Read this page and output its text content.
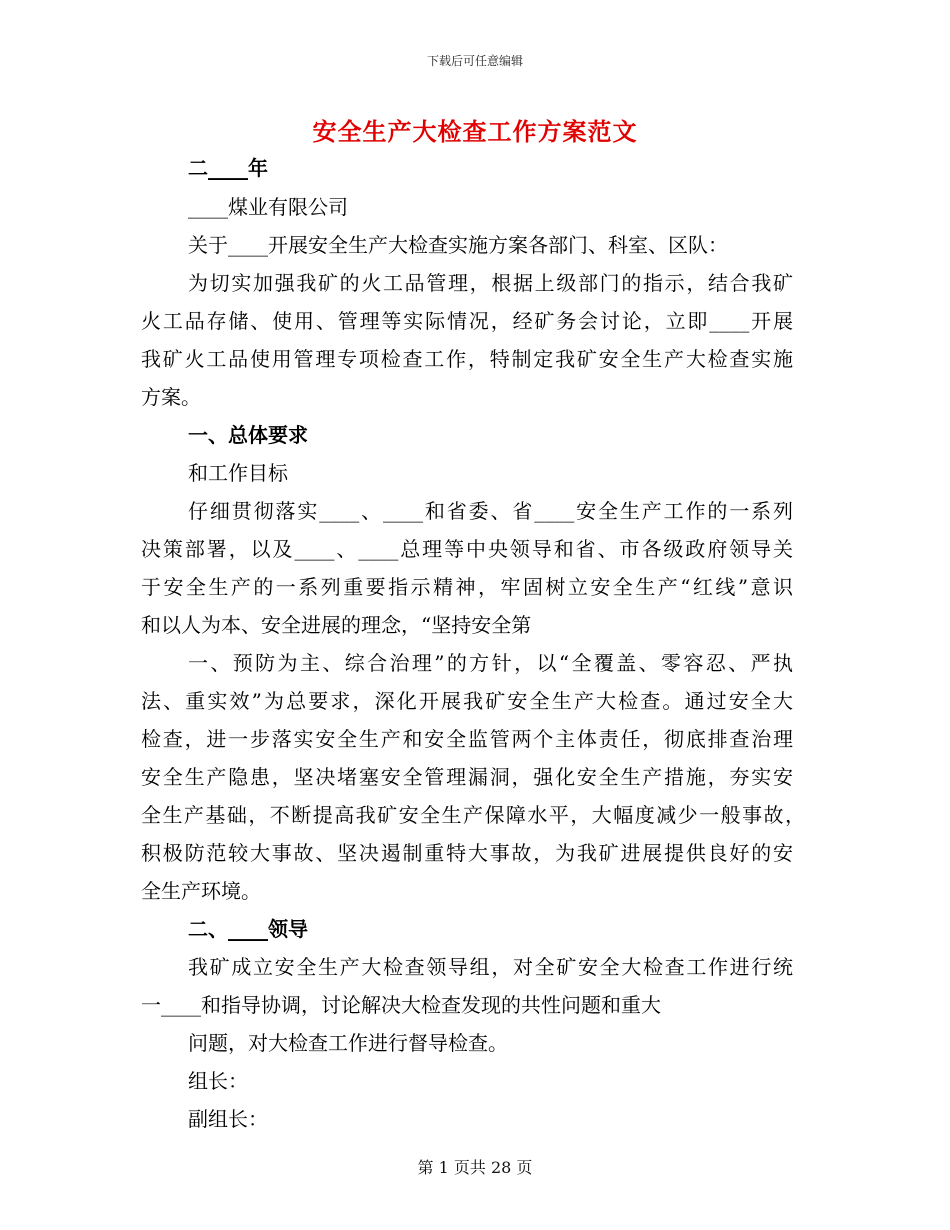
下载后可任意编辑
安全生产大检查工作方案范文
二____年
____煤业有限公司
关于____开展安全生产大检查实施方案各部门、科室、区队：
为切实加强我矿的火工品管理，根据上级部门的指示，结合我矿
火工品存储、使用、管理等实际情况，经矿务会讨论，立即____开展
我矿火工品使用管理专项检查工作，特制定我矿安全生产大检查实施
方案。
一、总体要求
和工作目标
仔细贯彻落实____、____和省委、省____安全生产工作的一系列
决策部署，以及____、____总理等中央领导和省、市各级政府领导关
于安全生产的一系列重要指示精神，牢固树立安全生产“红线”意识
和以人为本、安全进展的理念，“坚持安全第
一、预防为主、综合治理”的方针，以“全覆盖、零容忍、严执
法、重实效”为总要求，深化开展我矿安全生产大检查。通过安全大
检查，进一步落实安全生产和安全监管两个主体责任，彻底排查治理
安全生产隐患，坚决堵塞安全管理漏洞，强化安全生产措施，夯实安
全生产基础，不断提高我矿安全生产保障水平，大幅度减少一般事故，
积极防范较大事故、坚决遏制重特大事故，为我矿进展提供良好的安
全生产环境。
二、____领导
我矿成立安全生产大检查领导组，对全矿安全大检查工作进行统
一____和指导协调，讨论解决大检查发现的共性问题和重大
问题，对大检查工作进行督导检查。
组长：
副组长：
第 1 页共 28 页
